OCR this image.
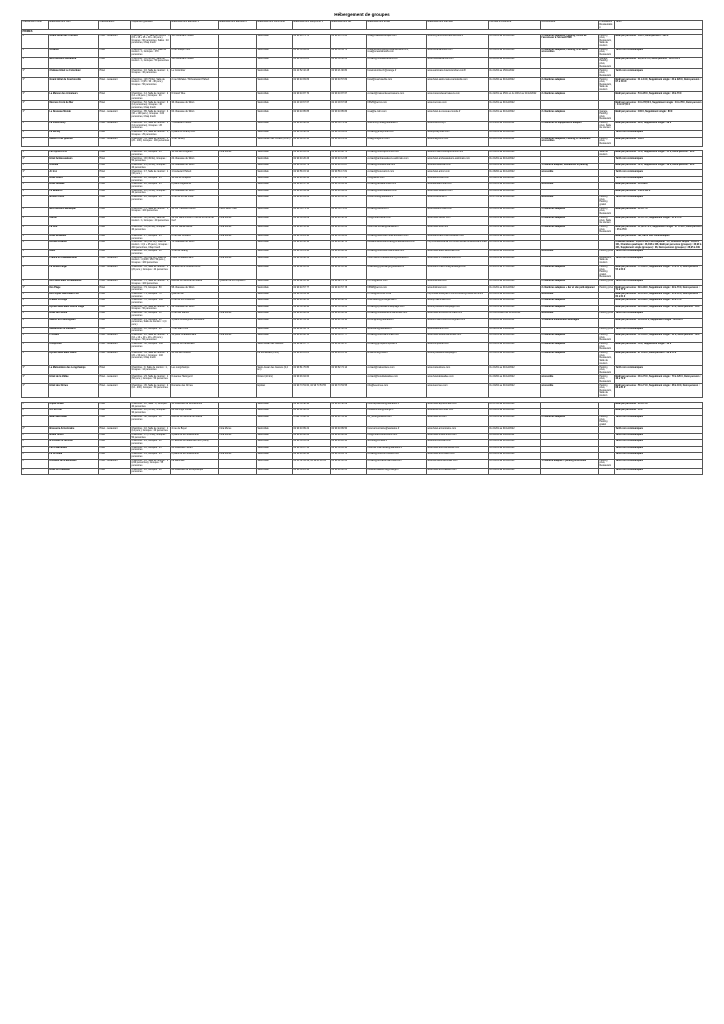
Hébergement de groupes
Classement hôtel	Etablissement nom	Classification	Capacités globales	Etablissement adresse 1	Etablissement adresse 2	Etablissement commune	Etablissement téléphone 1	Etablissement fax	Etablissement email	Etablissement site web	Période d'ouverture	Accessibilité	Prestations Restauration	Tarifs
PRIMES														
4*	Grand Hôtel des Thermes	Hôtel - restaurant	Chambres : 175, Salle de réunion : 6 (15 + 15 + 25 + 30 + 40 pers.), Groupes : 60 personnes, Salles : 40 personnes, Chap Insoft	100 boulevard Hébert		Saint-Malo	02 99 40 75 75	02 99 40 76 00	resa@thalassotherapie.com	www.le-grand-hotel-des-thermes.fr	Du 01/01 au 31/12/2022	5 chambres adaptées, Parking, Accès de l'ascenseur à l'accueil PMR	Parking privé, Restaurant, Salle de réunion	B&B par personne : 160 €, Demi-pension : 200 €
3*	Oceania	Hôtel	Chambres : 78 (120 lits), Salle de réunion : 1, Groupes : 170 personnes	2 rue Joseph Loth		Saint-Malo	02 99 56 84 84	02 99 56 39 73	oceania.saintmalo@oceaniahotels.com, resa@oceaniahotels.com	www.oceaniahotels.com	Du 01/01 au 31/12/2022	2 chambres adaptées, Parking, lit et salon accessibles	Parking privé, Restaurant	Tarifs non communiqués
3*	Best Western Alexandra	Hôtel	Chambres : 36 (66 lits), Salle de réunion : 1, Groupes : 50 personnes	138 boulevard Hébert		Saint-Malo	02 99 56 11 12	02 99 56 30 03	contact@hotelalexandra.com	www.hotelalexandra.com	Du 12/02 au 31/12/2022		Garage, Parking privé, Restaurant	B&B par personne : 96,50 à 175, Demi-pension : 90 à 115 €
3*	Château Hôtel Le Colombier	Hôtel	Chambres : 16, Salle de réunion : 1, Groupes : 30 personnes	Le Colombier		Saint-Malo	02 23 52 32 28	02 99 21 90 80	hotelcolombier.fr@orange.fr	www.saintmalo-hotelcolombier.com/fr	Du 01/04 au 15/11/2022		Parking privé, Restaurant	Tarifs non communiqués
3*	Grand Hôtel de Courtoisville	Hôtel - restaurant	Chambres : 48 (73 lits), Salle de réunion : 3 (25 - 30 - 40 pers.), Groupes : 50 personnes	2 rue Michelet / 69 boulevard Hébert		Saint-Malo	02 99 40 83 83	02 99 40 57 83	hotel@courtoisville.com	www.hotel-saint-malo-courtoisville.com	Du 01/02 au 31/12/2022	2 chambres adaptées	Parking privé, Restaurant, Salle de réunion	B&B par personne : 11 à 44 €, Supplément single : 33 à 220 €, Demi-pension : 97 à 144 €
3*	La Maison des Armateurs	Hôtel	Chambres : 14, Salle de réunion : 2 (12 + 20 pers.), Groupes : 24 personnes	6 Grand' Rue		Saint-Malo	02 99 40 87 70	02 99 40 87 67	contact@maisondesarmateurs.com	www.maisondesarmateurs.com	Du 02/01 au 25/11 et du 18/12 au 31/12/2022	2 chambres adaptées		B&B par personne : 54 à 95 €, Supplément single : 18 à 70 €
3*	Mercure Front de Mer	Hôtel	Chambres : 54, Salle de réunion : 3 (12 personnes), Groupes : 40 personnes, Chap Insoft	36 chaussée du Sillon		Saint-Malo	02 23 18 67 67	02 23 18 67 68	h5625@accor.com	www.mercure.com	Du 01/01 au 31/12/2022			B&B par personne : 34 à 78,50 €, Supplément single : 34 à 78 €, Demi-pension : 44 à 47,50 €
3*	Le Nouveau Monde	Hôtel - restaurant	Chambres : 85, Salle de réunion : 4 (30 + 100 pers.), Groupes : 100 personnes, Chap Insoft	64 chaussée du Sillon		Saint-Malo	02 99 40 85 85	02 99 40 85 86	resa@le-ndm.com	www.hotel-le-nouveau-monde.fr	Du 01/01 au 31/12/2022	2 chambres adaptées	Garage, Parking privé, Restaurant	B&B par personne : 100 €, Supplément single : 80 €
3*	La Villefromoy	Hôtel - restaurant	Chambres : 26, Salle de réunion : 1 (12 personnes), Groupes : 26 personnes	7 boulevard Hébert		Saint-Malo	02 99 40 92 20	02 99 56 79 49	villefromoy.hotel@wanadoo.fr	www.villefromoy.fr	Du 14/02 au 14/11/2022	2 chambres et équipements adaptés	Parking privé, Salle de réunion	B&B par personne : 69 €, Supplément single : 69 €
3*	Le Jersey	Hôtel	Chambres : 23, Salle de réunion : 1, Groupes : 25 personnes	2 place du Champ Vert		Saint-Malo	02 99 56 38 63	02 99 56 03 81	contact@jerseyhotel.com	www.jerseyhotel.com	Du 01/01 au 31/12/2022			Tarifs non communiqués
3*	Maison Triat Quartier	Hôtel - restaurant	Chambres : 53, Salle de réunion : 4 (20 - 100), Groupes : 100 personnes	1 rue Ventilly		Saint-Méloir des Ondes (35 km)	02 99 89 12 40	02 99 89 13 62	resa@indigomm.com	www.indigomm.com	Du 11/01 au 28/12/2022	3 chambres adaptées, Parking, et restaurant accessibles	Parking privé, Restaurant	B&B par personne : 100 €

3*	Les Ajoncs d'Or	Hôtel	Chambres : 22, Groupes : 45 personnes	10 rue des Forgeurs	Intra Muros	Saint-Malo	02 99 40 85 03	02 99 40 80 72	contact@hotel-ajoncs-dor.com	www.st-malo-hotel-ajoncs-dor.com	Du 01/01 au 31/12/2022		Salle de réunion	B&B par personne : 51 €, Supplément single : 45 €, Demi-pension : 68 €
3*	Hôtel Ambassadeurs	Hôtel	Chambres : 30 (49 lits), Groupes : 50 personnes	22 chaussée du Sillon		Saint-Malo	02 99 40 26 26	02 99 40 12 88	contact@ambassadeurs-saintmalo.com	www.hotel-ambassadeurs-saintmalo.com	Du 01/01 au 31/12/2022			Tarifs non communiqués
3*	Antinea	Hôtel	Chambres : 25 (54 lits), Groupes : 46 personnes	55 chaussée du Sillon		Saint-Malo	02 99 56 10 79	02 99 40 11 11	contact@hotelantinea.com	www.antineahotel.com	Du 01/01 au 31/12/2022	1 chambre adaptée, Restaurant et parking		B&B par personne : 52 €, Supplément single : 48 €, Demi-pension : 68 €
3*	Ar Iroz	Hôtel	Chambres : 17, Salle de réunion : 1 (30 pers.)	1 boulevard Hébert		Saint-Malo	02 99 56 15 34	02 99 56 17 81	contact@hotel-ariroz.com	www.hotel-ariroz.com	Du 09/02 au 31/12/2022	accessible		Tarifs non communiqués
3*	Hôtel Asurit	Hôtel	Chambres : 20, Groupes : 25 personnes	16 rue du Chapitre		Saint-Malo	02 99 40 86 42	02 99 56 75 48	info@asurit.com	www.asurithotel.com	Du 09/01 au 19/01/2022			Tarifs non communiqués
3*	Hôtel Aubade	Hôtel	Chambres : 20, Groupes : 25 personnes	8 place Duguesclin		Saint-Malo	02 99 40 47 11	02 99 56 09 58	contact@aubade-hotel.com	www.aubade-hotel.com	Du 01/01 au 31/12/2022	accessible		B&B par personne : 46 à 88 €
3*	Le Beaufort	Hôtel	Chambres : 22 (53 lits), Groupes : 40 personnes	25 chaussée du Sillon		Saint-Malo	02 99 40 99 99	02 99 40 99 61	contact@hotel-beaufort.com	www.hotel-beaufort.com	Du 01/01 au 31/12/2022			B&B par personne : 142 à 442 €
3*	Bristol Union	Hôtel	Chambres : 26, Groupes : 45 personnes	4 rue de la Cité Pava		Saint-Malo	02 99 40 83 62	02 99 40 35 51	bristol.hotel@wanadoo.fr	www.bristolunion.fr	Du 17/03 au 31/12/2022	accessible	Parking privé, Parking gratuit	Tarifs non communiqués
3*	Best Western Barbeque	Hôtel	Chambres : 75, Salle de réunion : 1, Groupes : 100 personnes	44 rue Théodore Botrel	Paris Saint-Théo	Saint-Malo	02 99 56 73 15	02 99 56 74 05	contact@baurevoir.fr	www.bwsaint-malo.com	Du 01/01 au 31/12/2022	5 chambres adaptées	Parking privé, Restaurant	B&B par personne : 41 à 77 €
3*	Cartier	Hôtel	Chambres : 40 (44 lits), Salle de réunion : 1, Groupes : 40 personnes	53 rue Saint-Vincent / rue de la Corne de Cerf	Intra Muros	Saint-Malo	02 99 56 93 09	02 99 40 50 54	info@hotel-cartier.com	www.hotel-cartier.com	Du 01/01 au 31/12/2022	2 chambres adaptées	Parking privé, Salle de réunion	B&B par personne : 41 à 75 €, Supplément single : 21 à 70 €
3*	La Cité	Hôtel	Chambres : 41 (82 lits), Groupes : 40 personnes	26 rue Sainte-Barbe	Intra Muros	Saint-Malo	02 99 40 55 40	02 99 40 10 04	hotel.lcite.stmalo@wanadoo.fr	www.hotel-lcite.com	Du 01/01 au 31/12/2022	2 chambres adaptées	Parking privé, Restaurant	B&B par personne : 47,80 à 76 €, Supplément single : 27 à 59 €, Demi-pension : 45 à 76 €
3*	Hôtel Elizabeth	Hôtel	Chambres : 17, Groupes : 25 personnes	2 rue des Cordiers	Intra Muros	Saint-Malo	02 99 56 24 98	02 99 56 39 24	contact@saintmalo-hotel-elizabeth.com	www.saintmalo-hotel-elizabeth.com	Du 01/01 au 31/12/2022			B&B par personne : na, Tarifs non communiqués
3*	Escale Oceania	Hôtel	Chambres : 88 (130 lits), Salle de réunion : 4 (1 + 25 pers.), Groupes : 200 personnes, Chap Insoft	76 chaussée du Sillon		Saint-Malo	02 99 40 36 36	02 99 40 38 78	escaleoceania.saintmalo@oceaniahotels.com	http://escaleoceania.com/hotel-escale-oceania-saint-malo	Du 01/01 au 31/12/2022			Chambre double : 46,90 à 106, Petit-déjeuner : 11, Chambre simple : 46,90 à 101, Chambre quadruple : 46,108 à 106, B&B par personne (groupes) : 46,90 à 101, Supplément single (groupes) : 38, Demi-pension (groupes) : 36,95 à 109
3*	Eden	Hôtel	Chambres : 16, Groupes : 30 personnes	1 rue de l'Étang		Saint-Malo	02 99 56 13 48	02 99 40 86 93	contact@hotel-eden-saintmalo.com	www.hotel-eden-saintmalo.com	Du 08/02 au 16/11/2022	accessible	Parking privé	Tarifs non communiqués
3*	France et Chateaubriand	Hôtel - restaurant	Chambres : 80 (160 lits), Salle de réunion : 4 (100 / 150 / 50 pers.), Groupes : 160 personnes	Place Chateaubriand	Intra Muros	Saint-Malo	02 99 56 66 52	02 99 40 10 04	hotel.france.chateaubriand@wanadoo.fr	www.hotel-fr-chateaubriand.com	Du 01/01 au 31/12/2022		Restaurant, Salle de réunion	Tarifs non communiqués
3*	Le Grand Large	Hôtel - restaurant	Chambres : 44, Salle de réunion : 1 (20 pers.), Groupes : 44 personnes	12 allée de la Grande Arche		Saint-Malo	02 99 81 10 00	02 99 81 10 98	resamalo@grandlarge@wanadoo.fr	www.saint-malo-hotelgrandlarge.com	Du 20/01 au 17/12/2022	2 chambres adaptées	Parking privé, Parking gratuit, Restaurant	B&B par personne : 71 à 92 €, Supplément single : 55 à 57 €, Demi-pension : 55 à 63 €
3*	Des Saint-Malo La Madeleine	Hôtel - restaurant	Chambres : 75, Salle de réunion : 3, Groupes : 100 personnes	Avenue du Général de Gaulle	Quartier de la Propulsion	Saint-Malo	02 99 82 10 10	02 99 82 75 74	H8718@accor.com	www.ibishotel.com	Du 01/01 au 31/12/2022	2 chambres adaptées	Parking privé	Tarifs non communiqués
3*	Ibis Plage	Hôtel	Chambres : 73, Groupes : 50 personnes	58 chaussée du Sillon		Saint-Malo	02 99 40 57 77	02 99 40 57 78	h5668@accor.com	www.ibishotel.com	Du 01/01 au 31/12/2022	2 chambres adaptées + lier et site petit-déjeuner	Parking privé	B&B par personne : 39 à 99 €, Supplément single : 39 à 70 €, Demi-pension : 71 à 77 €
3*	Des Styles Saint-Malo Port	Hôtel	Chambres : 71, Groupes : 70 personnes	Quai du Val		Saint-Malo	02 99 56 63 16		H7628@ACCOR.COM	http://www.ibisstyles-fr.com/fr/booking/hotels-list.shtml	Du 01/01 au 31/12/2022	accessible		B&B par personne : 30 à 56 €, Supplément single : 30 à 40 €, Demi-pension : 60 à 61 €
3*	IP&Mili Prestige	Hôtel	Chambres : 72, Groupes : 100 personnes	8 rue de la Providence		Saint-Malo	02 99 40 90 50	02 99 40 90 51	reservation@prestigemalo.fr	www.ip-saintmalo.com	Du 01/01 au 31/12/2022	2 chambres adaptées		B&B par personne : 66 à 89 €, Supplément single : 60 à 75 €
3*	Kyriad Saint-Malo Centre Plage	Hôtel	Chambres : 56, Salle de réunion : 1, Groupes : 50 personnes	49 chaussée du Sillon		Saint-Malo	02 99 56 44 44	02 99 56 39 66	contact@kyriadsaintmaloplage.com	www.kyriadsaintmaloplage.com	Du 01/01 au 31/12/2022	2 chambres adaptées		B&B par personne : 69 à 89 €, Supplément single : 85 €, Demi-pension : 84 €
3*	Hôtel du Louvre	Hôtel	Chambres : 50, Groupes : 50 personnes	2 rue des Marins	Intra Muros	Saint-Malo	02 99 40 86 62	02 99 40 86 93	contact@hoteldulouvre-saintmalo.com	www.hotel-du-louvre-st-malo.com	Du 01/01/2022 au 31/12/2022	accessible	Parking privé	Tarifs non communiqués
3*	Manoir du Cunningham	Hôtel	Chambres : 13, Groupes : 20 personnes, Salle de réunion : 1 (4 pers.)	9 place Monseigneur Duchesne		Saint-Malo	02 99 21 33 33	02 99 21 33 34	cunningham@wanadoo.fr	www.st-malo-hotel-cunningham.com	Du 18/02 au 08/11/2022	1 chambre entièrement aménagée		B&B par personne : 46 à 105 €, Supplément single : 40 à 85 €
3*	Matsumoto Le Valmarin	Hôtel	Chambres : 12, Groupes : 20 personnes	7 rue Jean XXIII		Saint-Malo	02 99 81 94 76	02 99 81 30 03	levalmarin@wanadoo.fr	www.levalmarin.com	Du 02/03 au 15/11/2022		Parking privé	Tarifs non communiqués
3*	L'Ostara	Hôtel - restaurant	Chambres : 26, Salle de réunion : 3 (10 + 10 + 10 + 20 + 20 pers.), Groupes : 50 personnes	12 place Chateaubriand	Intra Muros	Saint-Malo	02 99 40 80 12	02 99 56 37 77	contact@hotel-saint-malo.com	www.hotel-ostara-saintmalo.com	Du 01/01 au 31/12/2022	2 chambres adaptées	Parking privé, Restaurant	B&B par personne : 51 à 84 €, Supplément single : 22 €, Demi-pension : 66 €
3*	Compostel	Hôtel - restaurant	Chambres : 66, Groupes : 100 personnes	Avenue du Centenaire		Saint-Jouan des Guérets	02 99 82 67 77	02 99 81 06 17	contact@groupecompostel.fr	www.compostel.com	Du 01/01 au 31/12/2022	2 chambres adaptées	Parking privé, Restaurant	B&B par personne : 53 €, Supplément single : 40 €
3*	Kyriad Saint-Malo Ouest	Hôtel - restaurant	Chambres : 49, Salle de réunion : 3 (20 + 30 pers.), Groupes : 140 personnes, Chap Insoft	45 rue des Grèves		La Richardais (8 km)	02 99 46 11 14	02 99 46 15 31	kmalo.khst@hotel.fr	www.kyriadsaintmaloplage.fr	Du 01/01 au 31/12/2022	2 chambres adaptées	Parking privé, Restaurant, Salle de réunion	B&B par personne : 27 à 40 €, Demi-pension : 38 à 55 €
3*	La Malouinière des Longchamps	Hôtel	Chambres : 9, Salle de réunion : 1, Groupes : 14 personnes	Les Longchamps		Saint-Jouan des Guérets (3,2 km)	02 99 81 76 80	02 99 82 74 14	contact@malouiniere.com	www.malouiniere.com	Du 01/01 au 31/12/2022		Parking privé, Restaurant	Tarifs non communiqués
3*	Hôtel de la Vallée	Hôtel - restaurant	Chambres : 23, Salle de réunion : 1 (60 pers.), Groupes : 50 personnes	6 avenue Hamrger-II		Dinard (10 km)	02 99 46 94 00		contact@hoteldelavallee.com	www.hoteldelavallee.com	Du 03/02 au 31/12/2022	accessible	Parking privé, Restaurant	B&B par personne : 46 à 70 €, Supplément single : 70 à 120 €, Demi-pension : 46 à 79 €
3*	Hôtel des Ormes	Hôtel - restaurant	Chambres : 45, Salle de réunion : 4 (10 - 200), Groupes : 50 personnes	Domaine des Ormes		Epiniac	02 99 73 53 60, 02 99 73 53 55	02 99 73 53 55	info@lesormes.com	www.lesormes.com	Du 04/04 au 31/10/2022	accessible	Parking privé, Restaurant, Salle de réunion	B&B par personne : 56 à 71 €, Supplément single : 38 à 43 €, Demi-pension : 68 à 81 €

2*	Alpha Océan	Hôtel	Chambres : 22, Salle : 9, Groupes : 40 personnes	90 boulevard de Rochebonne		Saint-Malo	02 99 56 48 48	02 99 40 58 29	hotel.alphaocean@wanadoo.fr	www.hotel-alpha-ocean.com	Du 07/02 au 31/12/2022			B&B par personne : 65 à 75 €
2*	Arc en Ciel	Hôtel	Chambres : 20 (35 lits), Groupes : 30 personnes	66 rue Ange Fontan		Saint-Malo	02 99 81 92 05		hotelarcenciel@orange.fr	www.arcenciel-hotel.com	Du 01/01 au 31/12/2022			B&B par personne : 45 €
2*	B&B Saint-Malo	Hôtel	Chambres : 68, Groupes : 50 personnes	Avenue du Général de Gaulle		Saint-Malo	0 892 78 80 55	02 99 21 51 34	bb_4252@hotelbb.com	www.hotel-bb.com	Du 01/01 au 31/12/2022	2 chambres adaptées	Parking privé, Parking gratuit	Tarifs non communiqués
2*	Brasserie Armoricaine	Hôtel - restaurant	Chambres : 10, Salle de réunion : 1 (14 pers.), Groupes : 20 personnes	4 rue de Boyer	Intra Muros	Saint-Malo	02 99 40 89 22	02 99 40 89 50	hotel.armoricaine@wanadoo.fr	www.hotel-armoricaine.com	Du 01/01 au 31/12/2022			Tarifs non communiqués
2*	Brand Union	Hôtel	Chambres : 37 (74 lits), Groupes : 50 personnes	4 place de la Poissonnerie	Intra Muros	Saint-Malo	02 99 40 82 26	02 99 40 82 28	info@hotel-bristol-union.com	www.hotel-bristol-union.com	Du 18/02 au 16/11/2022			Tarifs non communiqués
2*	B.H Hôtel Le Surcouf	Hôtel	Chambres : 24, Groupes : 30 personnes	27 avenue du Maréchal Foch (Intra)		Saint-Malo	02 99 56 05 09	02 99 40 20 44	surcouf@bhhotel.fr	www.surcoufhotel.com	Du 01/01 au 31/12/2022			Tarifs non communiqués
2*	Les Charmettes	Hôtel	Chambres : 16, Groupes : 35 personnes	64 boulevard Hébert		Saint-Malo	02 99 56 07 31	02 99 56 85 96	hotel.les.charmettes@wanadoo.fr	www.hotel-les-charmettes.com	Du 01/01 au 31/12/2022			Tarifs non communiqués
2*	Le Croiseur	Hôtel	Chambres : 14, Groupes : 25 personnes	2 place de la Poissonnerie	Intra Muros	Saint-Malo	02 99 40 80 40	02 99 56 83 76	contact@hotel-le-croiseur.com	www.hotel-le-croiseur.com	Du 01/01 au 31/12/2022			Tarifs non communiqués
2*	Domaine de la Barbinais	Hôtel - restaurant	Chambres : 16, Salle de réunion : 2 (240 personnes), Groupes : 55 personnes	La Barbinais		Saint-Malo	02 23 52 99 99, 02 99 81 18 04	02 99 81 18 04	contact@domaine-barbinais.com	www.domaine-barbinais.com	Du 01/01 au 31/12/2022	1 chambre adaptée + parking accessible	Parking privé, Restaurant	Tarifs non communiqués
2*	Hôtel Le Chasseur	Hôtel	Chambres : 26, Groupes : 30 personnes	68 boulevard de la République		Saint-Malo	02 99 56 25 42	02 99 40 18 01	hotelduchasseur56@orange.fr	www.hotel-du-chasseur.com	Du 01/01 au 31/12/2022			Tarifs non communiqués
